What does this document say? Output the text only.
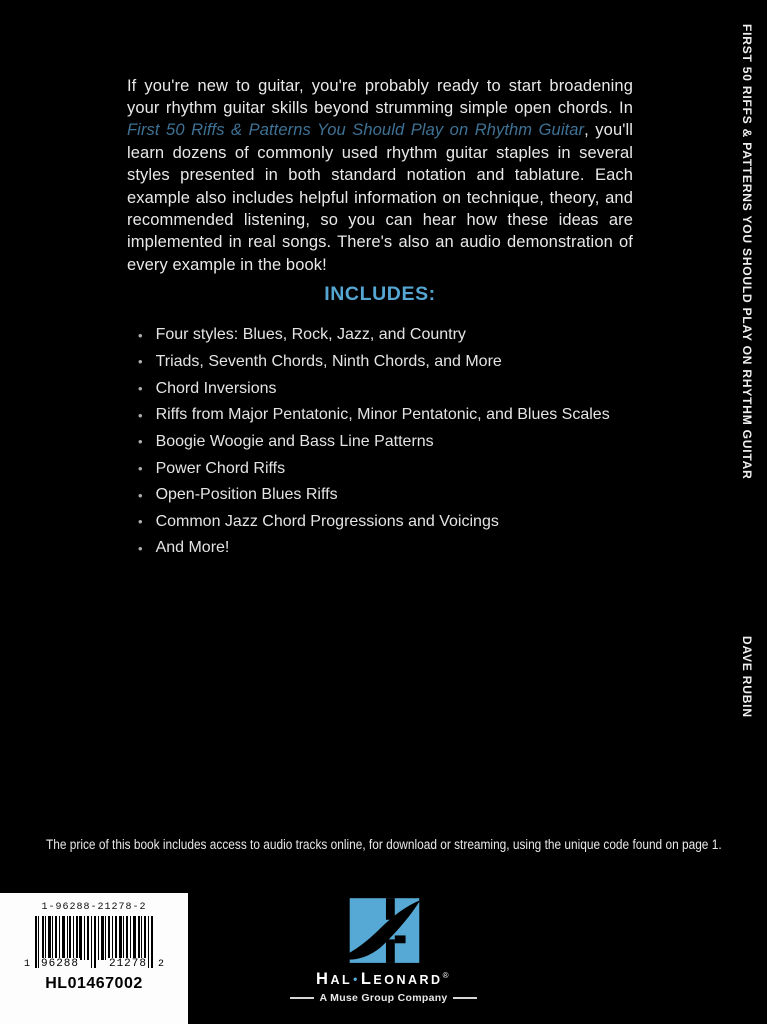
If you're new to guitar, you're probably ready to start broadening your rhythm guitar skills beyond strumming simple open chords. In First 50 Riffs & Patterns You Should Play on Rhythm Guitar, you'll learn dozens of commonly used rhythm guitar staples in several styles presented in both standard notation and tablature. Each example also includes helpful information on technique, theory, and recommended listening, so you can hear how these ideas are implemented in real songs. There's also an audio demonstration of every example in the book!

INCLUDES:
• Four styles: Blues, Rock, Jazz, and Country
• Triads, Seventh Chords, Ninth Chords, and More
• Chord Inversions
• Riffs from Major Pentatonic, Minor Pentatonic, and Blues Scales
• Boogie Woogie and Bass Line Patterns
• Power Chord Riffs
• Open-Position Blues Riffs
• Common Jazz Chord Progressions and Voicings
• And More!
The price of this book includes access to audio tracks online, for download or streaming, using the unique code found on page 1.
FIRST 50 RIFFS & PATTERNS YOU SHOULD PLAY ON RHYTHM GUITAR
DAVE RUBIN
1-96288-21278-2
1 96288	21278 2
HL01467002	HAL•LEONARD®
A Muse Group Company
